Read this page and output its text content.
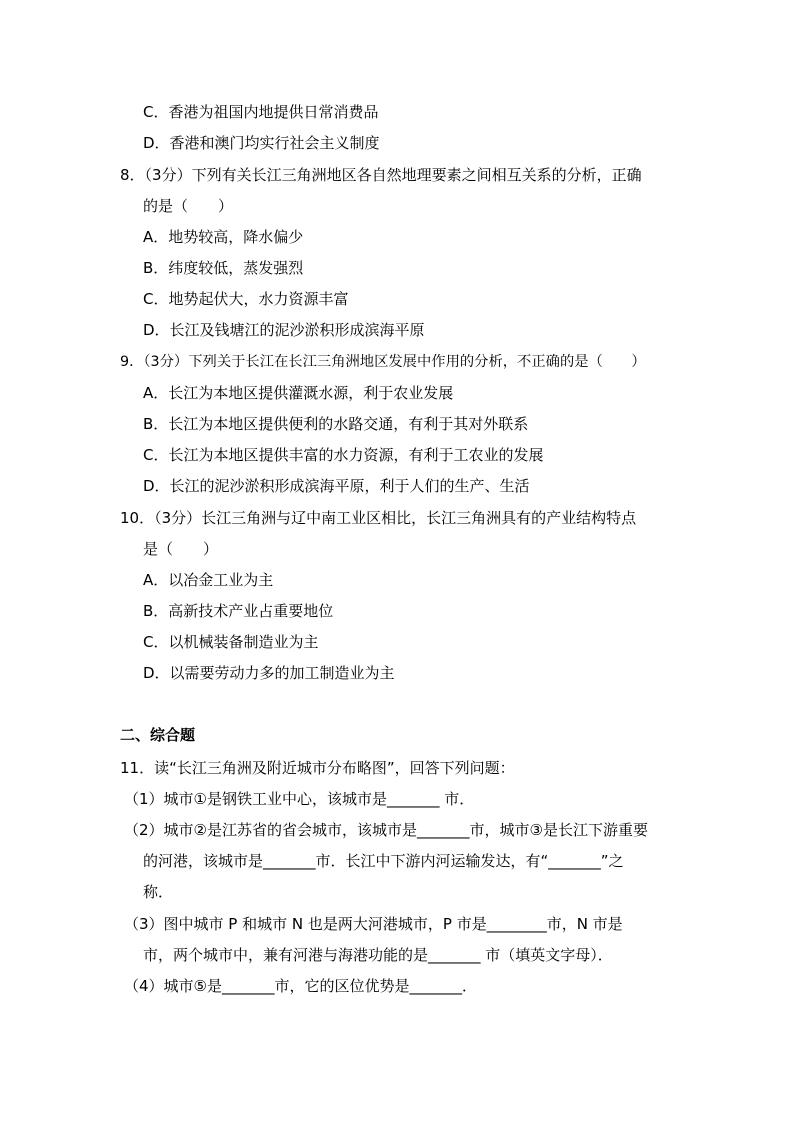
C．香港为祖国内地提供日常消费品
D．香港和澳门均实行社会主义制度
8．（3分）下列有关长江三角洲地区各自然地理要素之间相互关系的分析，正确
的是（　　）
A．地势较高，降水偏少
B．纬度较低，蒸发强烈
C．地势起伏大，水力资源丰富
D．长江及钱塘江的泥沙淤积形成滨海平原
9．（3分）下列关于长江在长江三角洲地区发展中作用的分析，不正确的是（　　）
A．长江为本地区提供灌溉水源，利于农业发展
B．长江为本地区提供便利的水路交通，有利于其对外联系
C．长江为本地区提供丰富的水力资源，有利于工农业的发展
D．长江的泥沙淤积形成滨海平原，利于人们的生产、生活
10．（3分）长江三角洲与辽中南工业区相比，长江三角洲具有的产业结构特点
是（　　）
A．以冶金工业为主
B．高新技术产业占重要地位
C．以机械装备制造业为主
D．以需要劳动力多的加工制造业为主
二、综合题
11．读“长江三角洲及附近城市分布略图”，回答下列问题：
（1）城市①是钢铁工业中心，该城市是_______ 市．
（2）城市②是江苏省的省会城市，该城市是_______市，城市③是长江下游重要
的河港，该城市是_______市．长江中下游内河运输发达，有“_______”之
称．
（3）图中城市 P 和城市 N 也是两大河港城市，P 市是________市，N 市是
市，两个城市中，兼有河港与海港功能的是_______ 市（填英文字母）．
（4）城市⑤是_______市，它的区位优势是_______．
